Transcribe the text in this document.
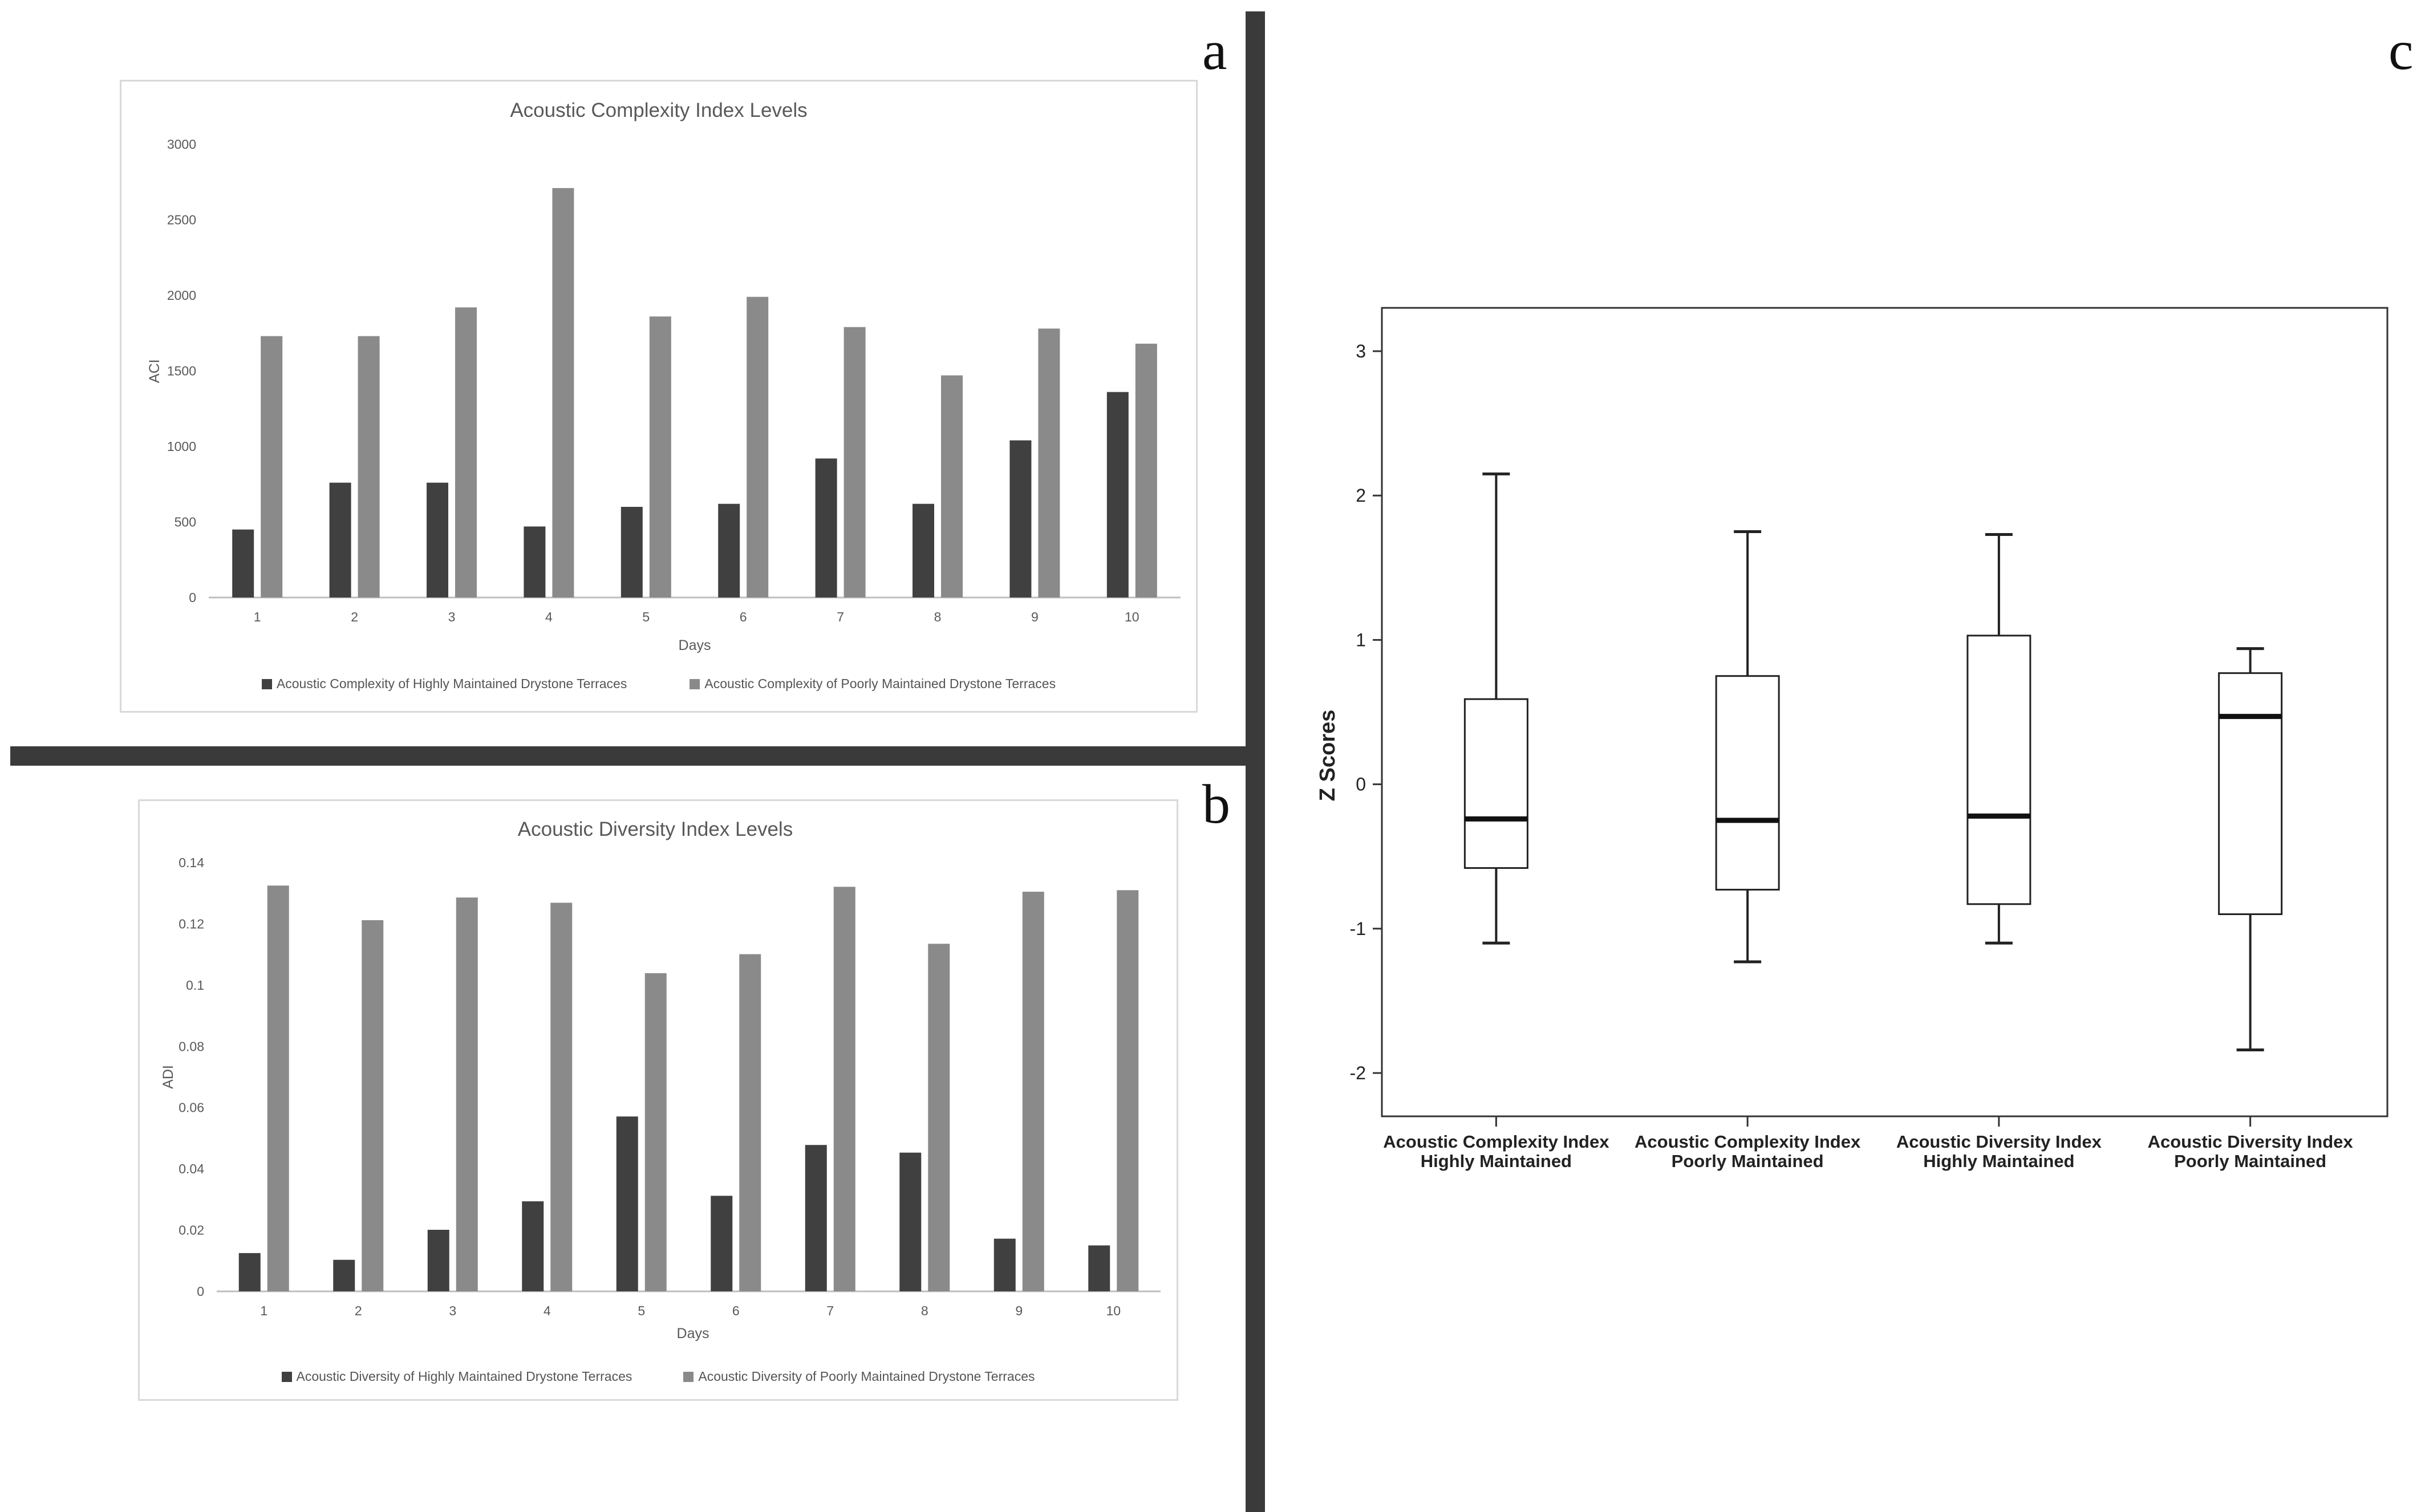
a
b
c
Acoustic Complexity Index Levels
0
500
1000
1500
2000
2500
3000
1	2	3	4	5	6	7	8	9	10
Days
ACI
Acoustic Complexity of Highly Maintained Drystone Terraces	Acoustic Complexity of Poorly Maintained Drystone Terraces
Acoustic Diversity Index Levels
0
0.02
0.04
0.06
0.08
0.1
0.12
0.14
1	2	3	4	5	6	7	8	9	10
Days
ADI
Acoustic Diversity of Highly Maintained Drystone Terraces	Acoustic Diversity of Poorly Maintained Drystone Terraces
3
2
1
0
-1
-2
Z Scores
Acoustic Complexity Index
Highly Maintained
Acoustic Complexity Index
Poorly Maintained
Acoustic Diversity Index
Highly Maintained
Acoustic Diversity Index
Poorly Maintained
